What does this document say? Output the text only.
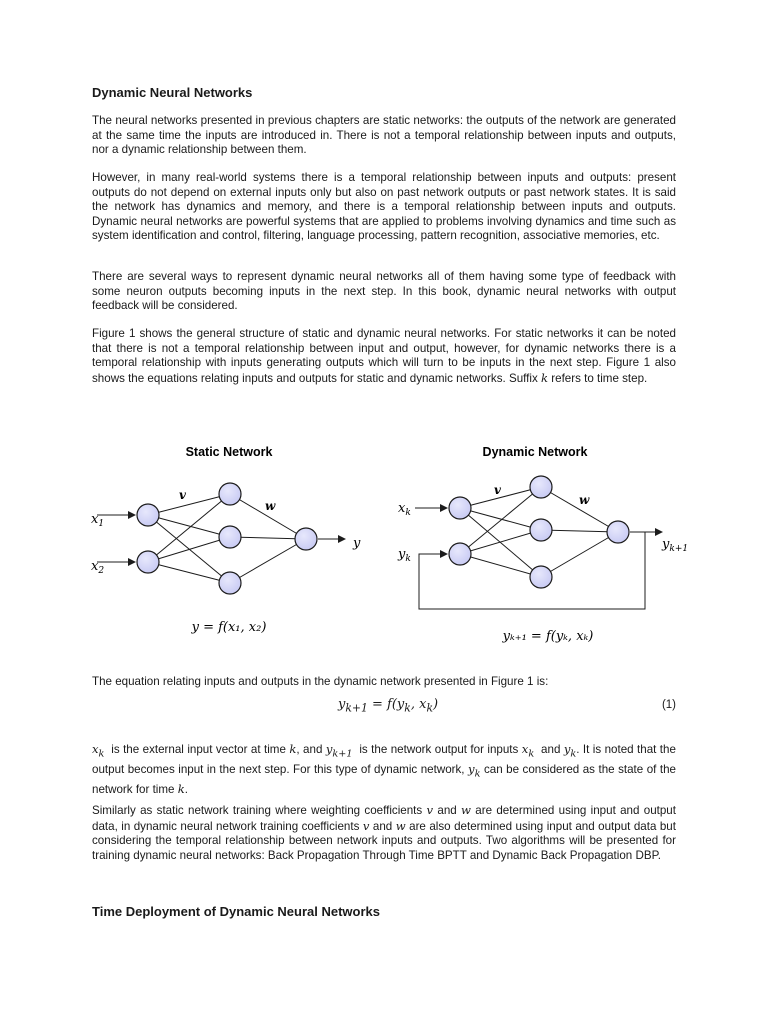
Dynamic Neural Networks

The neural networks presented in previous chapters are static networks: the outputs of the network are generated at the same time the inputs are introduced in. There is not a temporal relationship between inputs and outputs, nor a dynamic relationship between them.

However, in many real-world systems there is a temporal relationship between inputs and outputs: present outputs do not depend on external inputs only but also on past network outputs or past network states. It is said the network has dynamics and memory, and there is a temporal relationship between inputs and outputs. Dynamic neural networks are powerful systems that are applied to problems involving dynamics and time such as system identification and control, filtering, language processing, pattern recognition, associative memories, etc.

There are several ways to represent dynamic neural networks all of them having some type of feedback with some neuron outputs becoming inputs in the next step. In this book, dynamic neural networks with output feedback will be considered.

Figure 1 shows the general structure of static and dynamic neural networks. For static networks it can be noted that there is not a temporal relationship between input and output, however, for dynamic networks there is a temporal relationship with inputs generating outputs which will turn to be inputs in the next step. Figure 1 also shows the equations relating inputs and outputs for static and dynamic networks. Suffix k refers to time step.

The equation relating inputs and outputs in the dynamic network presented in Figure 1 is:
$y_{k+1} = f(y_k$, $x_k$)	(1)

$x_k$ is the external input vector at time k, and $y_{k+1}$ is the network output for inputs $x_k$ and $y_k$. It is noted that the output becomes input in the next step. For this type of dynamic network, $y_k$ can be considered as the state of the network for time k.

Similarly as static network training where weighting coefficients v and w are determined using input and output data, in dynamic neural network training coefficients v and w are also determined using input and output data but considering the temporal relationship between network inputs and outputs. Two algorithms will be presented for training dynamic neural networks: Back Propagation Through Time BPTT and Dynamic Back Propagation DBP.

Time Deployment of Dynamic Neural Networks
Static Network
v
w
$x_1$
$x_2$
y
y = f(x₁, x₂)
Dynamic Network
v
w
$x_k$
$y_k$
$y_{k+1}$
yₖ₊₁ = f(yₖ, xₖ)
